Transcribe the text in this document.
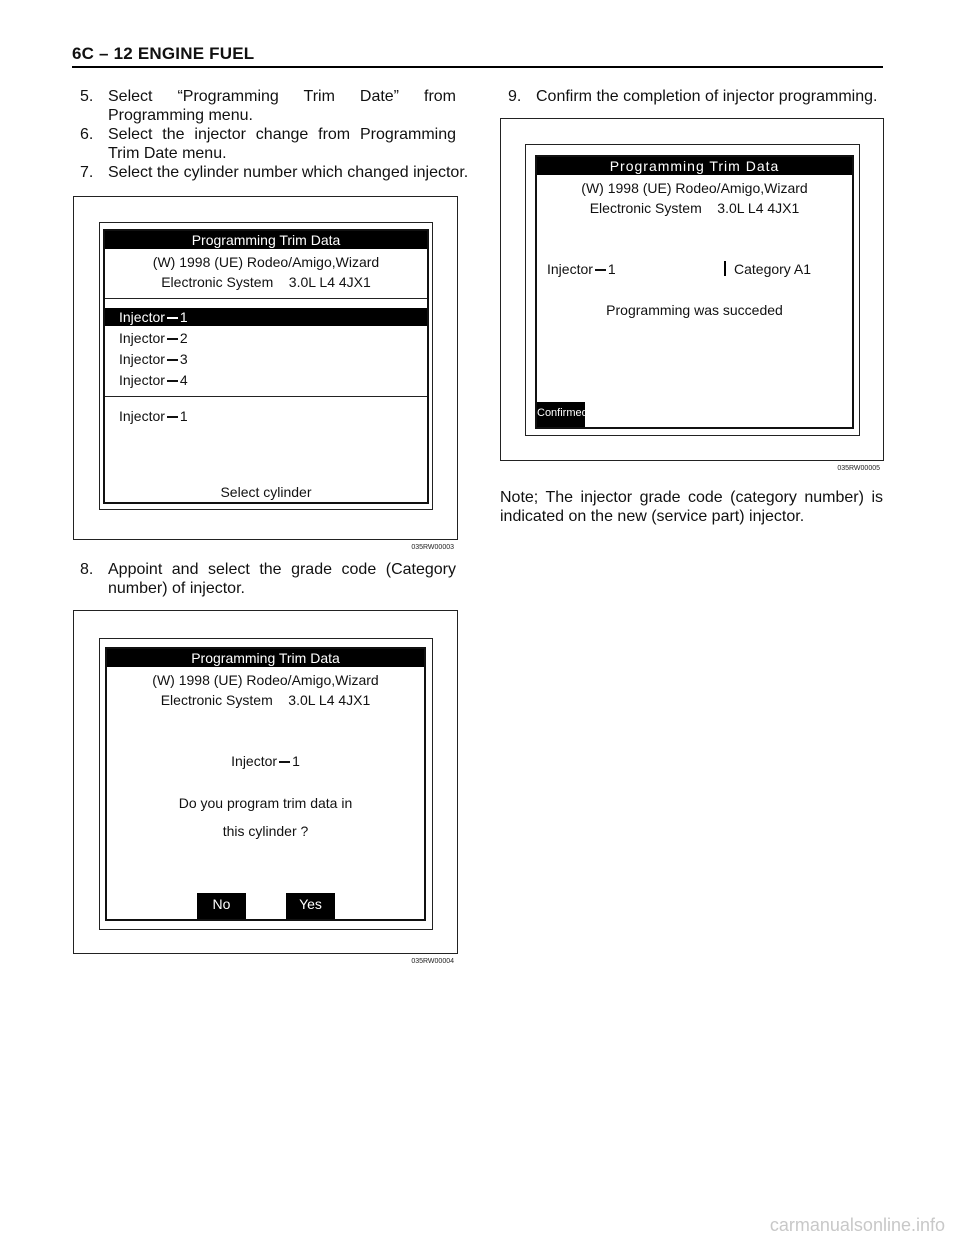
6C – 12 ENGINE FUEL
5. Select “Programming Trim Date” from Programming menu.
6. Select the injector change from Programming Trim Date menu.
7. Select the cylinder number which changed injector.
Programming Trim Data
(W) 1998 (UE) Rodeo/Amigo,Wizard
Electronic System    3.0L L4 4JX1
Injector 1
Injector 2
Injector 3
Injector 4
Injector 1
Select cylinder
035RW00003
8. Appoint and select the grade code (Category number) of injector.
Programming Trim Data
(W) 1998 (UE) Rodeo/Amigo,Wizard
Electronic System    3.0L L4 4JX1
Injector 1
Do you program trim data in
this cylinder ?
No	Yes
035RW00004
9. Confirm the completion of injector programming.
Programming Trim Data
(W) 1998 (UE) Rodeo/Amigo,Wizard
Electronic System    3.0L L4 4JX1
Injector 1	Category A1
Programming was succeded
Confirmed
035RW00005
Note; The injector grade code (category number) is indicated on the new (service part) injector.
carmanualsonline.info
